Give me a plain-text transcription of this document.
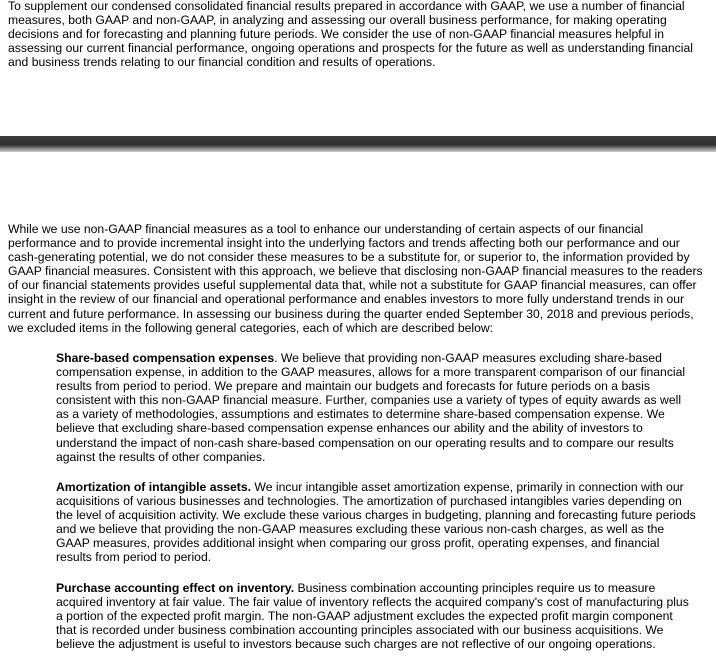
To supplement our condensed consolidated financial results prepared in accordance with GAAP, we use a number of financial measures, both GAAP and non-GAAP, in analyzing and assessing our overall business performance, for making operating decisions and for forecasting and planning future periods. We consider the use of non-GAAP financial measures helpful in assessing our current financial performance, ongoing operations and prospects for the future as well as understanding financial and business trends relating to our financial condition and results of operations.

While we use non-GAAP financial measures as a tool to enhance our understanding of certain aspects of our financial performance and to provide incremental insight into the underlying factors and trends affecting both our performance and our cash-generating potential, we do not consider these measures to be a substitute for, or superior to, the information provided by GAAP financial measures. Consistent with this approach, we believe that disclosing non-GAAP financial measures to the readers of our financial statements provides useful supplemental data that, while not a substitute for GAAP financial measures, can offer insight in the review of our financial and operational performance and enables investors to more fully understand trends in our current and future performance. In assessing our business during the quarter ended September 30, 2018 and previous periods, we excluded items in the following general categories, each of which are described below:

Share-based compensation expenses. We believe that providing non-GAAP measures excluding share-based compensation expense, in addition to the GAAP measures, allows for a more transparent comparison of our financial results from period to period. We prepare and maintain our budgets and forecasts for future periods on a basis consistent with this non-GAAP financial measure. Further, companies use a variety of types of equity awards as well as a variety of methodologies, assumptions and estimates to determine share-based compensation expense. We believe that excluding share-based compensation expense enhances our ability and the ability of investors to understand the impact of non-cash share-based compensation on our operating results and to compare our results against the results of other companies.

Amortization of intangible assets. We incur intangible asset amortization expense, primarily in connection with our acquisitions of various businesses and technologies. The amortization of purchased intangibles varies depending on the level of acquisition activity. We exclude these various charges in budgeting, planning and forecasting future periods and we believe that providing the non-GAAP measures excluding these various non-cash charges, as well as the GAAP measures, provides additional insight when comparing our gross profit, operating expenses, and financial results from period to period.

Purchase accounting effect on inventory. Business combination accounting principles require us to measure acquired inventory at fair value. The fair value of inventory reflects the acquired company's cost of manufacturing plus a portion of the expected profit margin. The non-GAAP adjustment excludes the expected profit margin component that is recorded under business combination accounting principles associated with our business acquisitions. We believe the adjustment is useful to investors because such charges are not reflective of our ongoing operations.
